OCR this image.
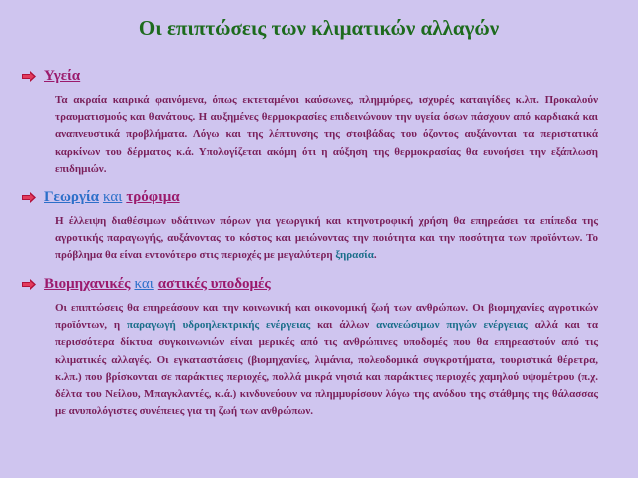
Οι επιπτώσεις των κλιματικών αλλαγών
Υγεία
Τα ακραία καιρικά φαινόμενα, όπως εκτεταμένοι καύσωνες, πλημμύρες, ισχυρές καταιγίδες κ.λπ. Προκαλούν τραυματισμούς και θανάτους. Η αυξημένες θερμοκρασίες επιδεινώνουν την υγεία όσων πάσχουν από καρδιακά και αναπνευστικά προβλήματα. Λόγω και της λέπτυνσης της στοιβάδας του όζοντος αυξάνονται τα περιστατικά καρκίνων του δέρματος κ.ά. Υπολογίζεται ακόμη ότι η αύξηση της θερμοκρασίας θα ευνοήσει την εξάπλωση επιδημιών.
Γεωργία και τρόφιμα
Η έλλειψη διαθέσιμων υδάτινων πόρων για γεωργική και κτηνοτροφική χρήση θα επηρεάσει τα επίπεδα της αγροτικής παραγωγής, αυξάνοντας το κόστος και μειώνοντας την ποιότητα και την ποσότητα των προϊόντων. Το πρόβλημα θα είναι εντονότερο στις περιοχές με μεγαλύτερη ξηρασία.
Βιομηχανικές και αστικές υποδομές
Οι επιπτώσεις θα επηρεάσουν και την κοινωνική και οικονομική ζωή των ανθρώπων. Οι βιομηχανίες αγροτικών προϊόντων, η παραγωγή υδροηλεκτρικής ενέργειας και άλλων ανανεώσιμων πηγών ενέργειας αλλά και τα περισσότερα δίκτυα συγκοινωνιών είναι μερικές από τις ανθρώπινες υποδομές που θα επηρεαστούν από τις κλιματικές αλλαγές. Οι εγκαταστάσεις (βιομηχανίες, λιμάνια, πολεοδομικά συγκροτήματα, τουριστικά θέρετρα, κ.λπ.) που βρίσκονται σε παράκτιες περιοχές, πολλά μικρά νησιά και παράκτιες περιοχές χαμηλού υψομέτρου (π.χ. δέλτα του Νείλου, Μπαγκλαντές, κ.ά.) κινδυνεύουν να πλημμυρίσουν λόγω της ανόδου της στάθμης της θάλασσας με ανυπολόγιστες συνέπειες για τη ζωή των ανθρώπων.
